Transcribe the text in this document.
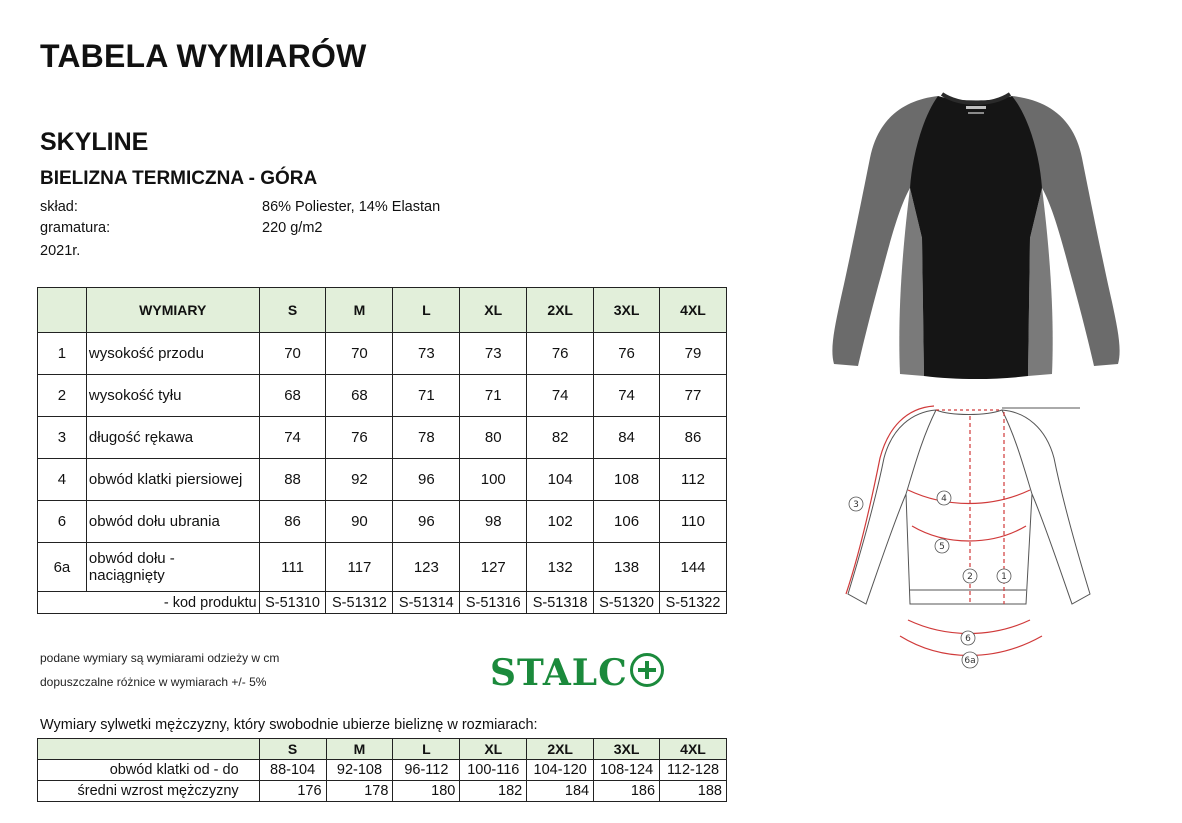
TABELA WYMIARÓW
SKYLINE
BIELIZNA TERMICZNA - GÓRA
skład:	86% Poliester, 14% Elastan
gramatura:	220 g/m2
2021r.
	WYMIARY	S	M	L	XL	2XL	3XL	4XL
1	wysokość przodu	70	70	73	73	76	76	79
2	wysokość tyłu	68	68	71	71	74	74	77
3	długość rękawa	74	76	78	80	82	84	86
4	obwód klatki piersiowej	88	92	96	100	104	108	112
6	obwód dołu ubrania	86	90	96	98	102	106	110
6a	obwód dołu -
naciągnięty	111	117	123	127	132	138	144
- kod produktu		S-51310	S-51312	S-51314	S-51316	S-51318	S-51320	S-51322
podane wymiary są wymiarami odzieży w cm
dopuszczalne różnice w wymiarach +/- 5%	STALC
Wymiary sylwetki mężczyzny, który swobodnie ubierze bieliznę w rozmiarach:
	S	M	L	XL	2XL	3XL	4XL
obwód klatki od - do	88-104	92-108	96-112	100-116	104-120	108-124	112-128
średni wzrost mężczyzny	176	178	180	182	184	186	188
1
2
3
4
5
6
6a
